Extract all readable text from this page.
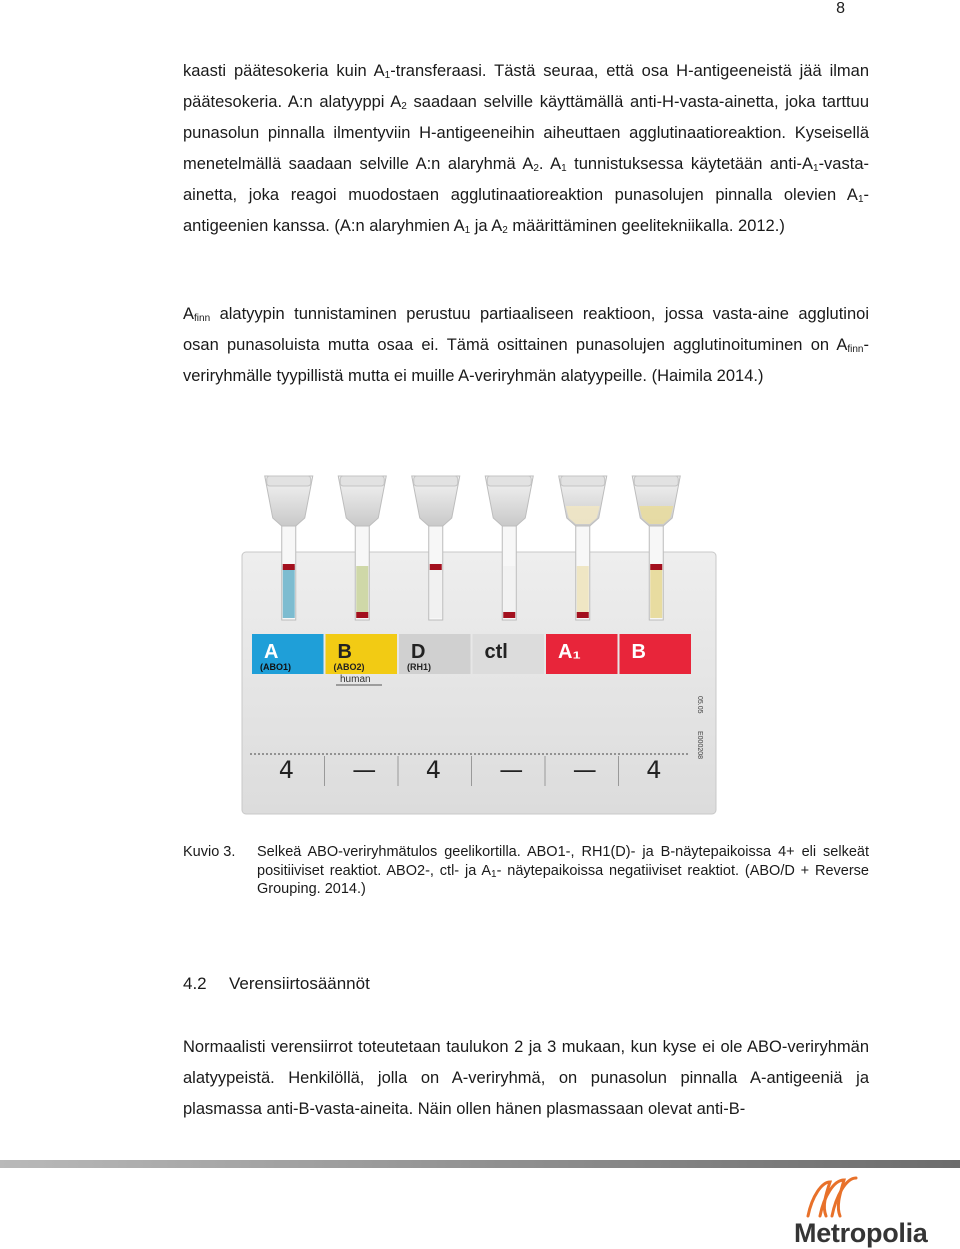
8
kaasti päätesokeria kuin $A_1$-transferaasi. Tästä seuraa, että osa H-antigeeneistä jää ilman päätesokeria. A:n alatyyppi $A_2$ saadaan selville käyttämällä anti-H-vasta-ainetta, joka tarttuu punasolun pinnalla ilmentyviin H-antigeeneihin aiheuttaen agglutinaatioreaktion. Kyseisellä menetelmällä saadaan selville A:n alaryhmä $A_2$. $A_1$ tunnistuksessa käytetään anti-$A_1-vasta$-ainetta, joka reagoi muodostaen agglutinaatioreaktion punasolujen pinnalla olevien $A_1$-antigeenien kanssa. (A:n alaryhmien $A_1$ ja $A_2$ määrittäminen geelitekniikalla. 2012.)
$A_{finn}$ alatyypin tunnistaminen perustuu partiaaliseen reaktioon, jossa vasta-aine agglutinoi osan punasoluista mutta osaa ei. Tämä osittainen punasolujen agglutinoituminen on $A_{finn}$-veriryhmälle tyypillistä mutta ei muille A-veriryhmän alatyypeille. (Haimila 2014.)
A
(ABO1)
B
(ABO2)
D
(RH1)
ctl	A₁	B
human
05.05
E000208
4 — 4 — — 4
Kuvio 3. Selkeä ABO-veriryhmätulos geelikortilla. ABO1-, RH1(D)- ja B-näytepaikoissa 4+ eli selkeät positiiviset reaktiot. ABO2-, ctl- ja $A_1-$ näytepaikoissa negatiiviset reaktiot. (ABO/D + Reverse Grouping. 2014.)
4.2 Verensiirtosäännöt
Normaalisti verensiirrot toteutetaan taulukon 2 ja 3 mukaan, kun kyse ei ole ABO-veriryhmän alatyypeistä. Henkilöllä, jolla on A-veriryhmä, on punasolun pinnalla A-antigeeniä ja plasmassa anti-B-vasta-aineita. Näin ollen hänen plasmassaan olevat anti-B-
Metropolia
